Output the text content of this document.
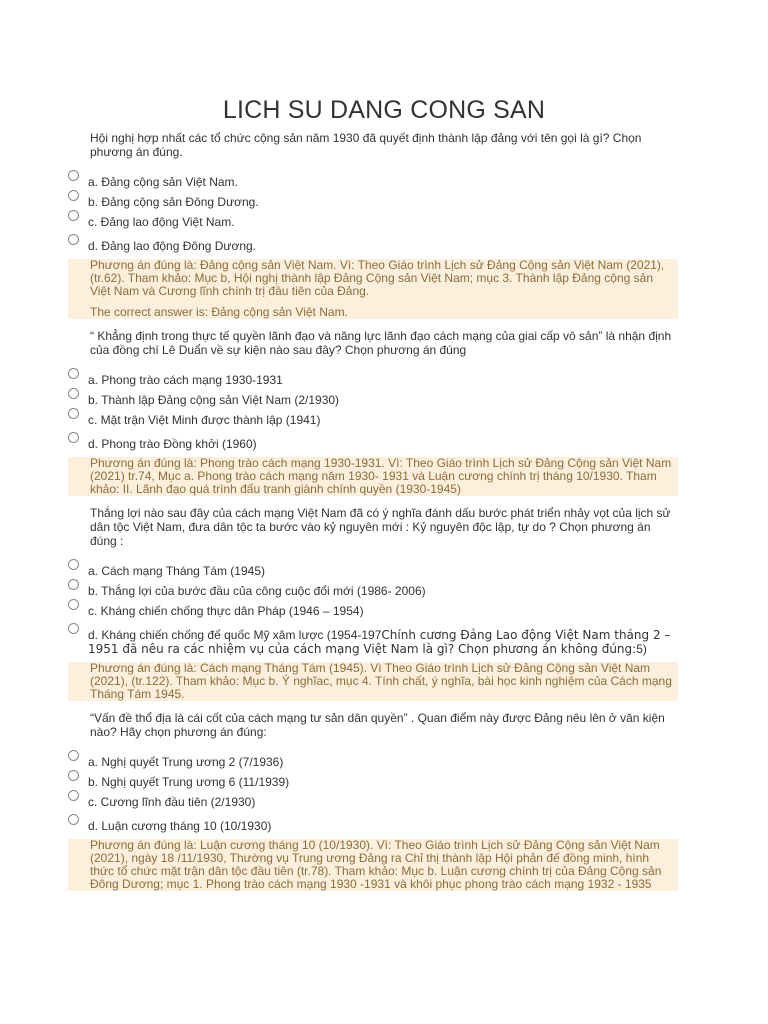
LICH SU DANG CONG SAN

Hội nghị hợp nhất các tổ chức cộng sản năm 1930 đã quyết định thành lập đảng với tên gọi là gì? Chọn phương án đúng.

a. Đảng cộng sản Việt Nam.
b. Đảng cộng sản Đông Dương.
c. Đảng lao động Việt Nam.
d. Đảng lao động Đông Dương.

Phương án đúng là: Đảng cộng sản Việt Nam. Vì: Theo Giáo trình Lịch sử Đảng Cộng sản Việt Nam (2021), (tr.62). Tham khảo: Mục b, Hội nghị thành lập Đảng Cộng sản Việt Nam; mục 3. Thành lập Đảng cộng sản Việt Nam và Cương lĩnh chính trị đầu tiên của Đảng.

The correct answer is: Đảng cộng sản Việt Nam.

“ Khẳng định trong thực tế quyền lãnh đạo và năng lực lãnh đạo cách mạng của giai cấp vô sản” là nhận định của đồng chí Lê Duẩn về sự kiện nào sau đây? Chọn phương án đúng

a. Phong trào cách mạng 1930-1931
b. Thành lập Đảng cộng sản Việt Nam (2/1930)
c. Mặt trận Việt Minh được thành lập (1941)
d. Phong trào Đồng khởi (1960)

Phương án đúng là: Phong trào cách mạng 1930-1931. Vì: Theo Giáo trình Lịch sử Đảng Cộng sản Việt Nam (2021) tr.74, Mục a. Phong trào cách mạng năm 1930- 1931 và Luận cương chính trị tháng 10/1930. Tham khảo: II. Lãnh đạo quá trình đấu tranh giành chính quyền (1930-1945)

Thắng lợi nào sau đây của cách mạng Việt Nam đã có ý nghĩa đánh dấu bước phát triển nhảy vọt của lịch sử dân tộc Việt Nam, đưa dân tộc ta bước vào kỷ nguyên mới : Kỷ nguyên độc lập, tự do ? Chọn phương án đúng :

a. Cách mạng Tháng Tám (1945)
b. Thắng lợi của bước đầu của công cuộc đổi mới (1986- 2006)
c. Kháng chiến chống thực dân Pháp (1946 – 1954)
d. Kháng chiến chống đế quốc Mỹ xâm lược (1954-197Chính cương Đảng Lao động Việt Nam tháng 2 – 1951 đã nêu ra các nhiệm vụ của cách mạng Việt Nam là gì? Chọn phương án không đúng:5)

Phương án đúng là: Cách mạng Tháng Tám (1945). Vì Theo Giáo trình Lịch sử Đảng Cộng sản Việt Nam (2021), (tr.122). Tham khảo: Mục b. Ý nghĩac, mục 4. Tính chất, ý nghĩa, bài học kinh nghiệm của Cách mạng Tháng Tám 1945.

“Vấn đề thổ địa là cái cốt của cách mạng tư sản dân quyền” . Quan điểm này được Đảng nêu lên ở văn kiện nào? Hãy chọn phương án đúng:

a. Nghị quyết Trung ương 2 (7/1936)
b. Nghị quyết Trung ương 6 (11/1939)
c. Cương lĩnh đầu tiên (2/1930)
d. Luận cương tháng 10 (10/1930)

Phương án đúng là: Luận cương tháng 10 (10/1930). Vì: Theo Giáo trình Lịch sử Đảng Cộng sản Việt Nam (2021), ngày 18 /11/1930, Thường vụ Trung ương Đảng ra Chỉ thị thành lập Hội phản đế đồng minh, hình thức tổ chức mặt trận dân tộc đầu tiên (tr.78). Tham khảo: Mục b. Luận cương chính trị của Đảng Cộng sản Đông Dương; mục 1. Phong trào cách mạng 1930 -1931 và khôi phục phong trào cách mạng 1932 - 1935
